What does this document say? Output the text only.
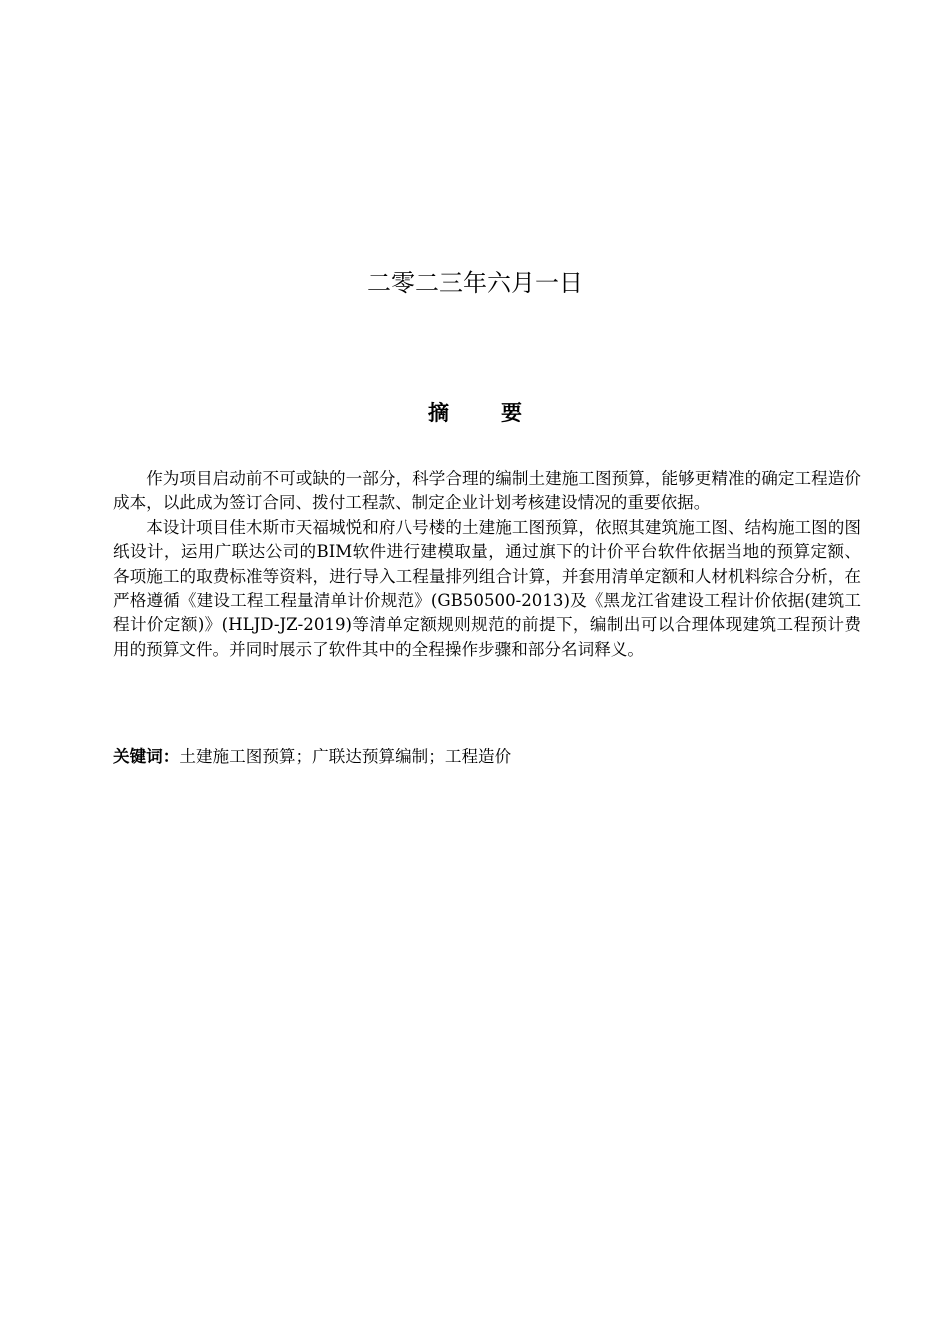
二零二三年六月一日
摘要

作为项目启动前不可或缺的一部分，科学合理的编制土建施工图预算，能够更精准的确定工程造价成本，以此成为签订合同、拨付工程款、制定企业计划考核建设情况的重要依据。

本设计项目佳木斯市天福城悦和府八号楼的土建施工图预算，依照其建筑施工图、结构施工图的图纸设计，运用广联达公司的BIM软件进行建模取量，通过旗下的计价平台软件依据当地的预算定额、各项施工的取费标准等资料，进行导入工程量排列组合计算，并套用清单定额和人材机料综合分析，在严格遵循《建设工程工程量清单计价规范》(GB50500-2013)及《黑龙江省建设工程计价依据(建筑工程计价定额)》(HLJD-JZ-2019)等清单定额规则规范的前提下，编制出可以合理体现建筑工程预计费用的预算文件。并同时展示了软件其中的全程操作步骤和部分名词释义。

关键词：土建施工图预算；广联达预算编制；工程造价
